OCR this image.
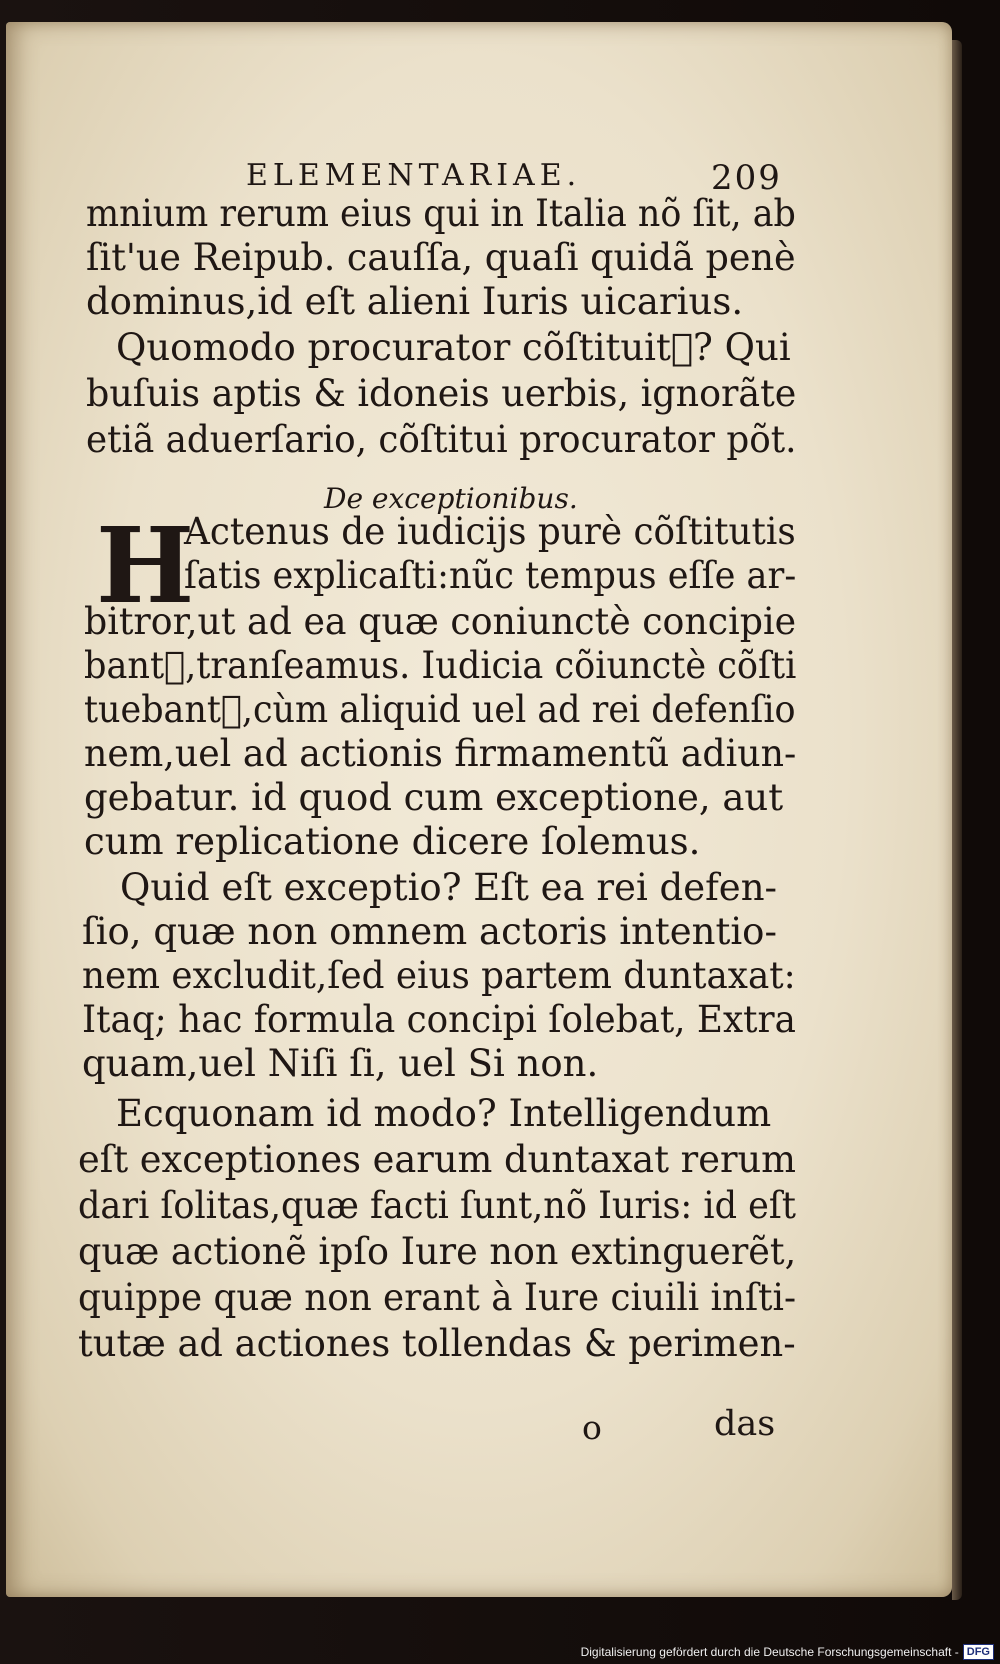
ELEMENTARIAE.	209
mnium rerum eius qui in Italia nõ ſit, ab
ſit'ue Reipub. cauſſa, quaſi quidã penè
dominus,id eſt alieni Iuris uicarius.
Quomodo procurator cõſtituitᷣ? Qui
buſuis aptis & idoneis uerbis, ignorãte
etiã aduerſario, cõſtitui procurator põt.
De exceptionibus.
H
Actenus de iudicijs purè cõſtitutis
ſatis explicaſti:nũc tempus eſſe ar-
bitror,ut ad ea quæ coniunctè concipie
bantᷣ,tranſeamus. Iudicia cõiunctè cõſti
tuebantᷣ,cùm aliquid uel ad rei defenſio
nem,uel ad actionis firmamentũ adiun-
gebatur. id quod cum exceptione, aut
cum replicatione dicere ſolemus.
Quid eſt exceptio? Eſt ea rei defen-
ſio, quæ non omnem actoris intentio-
nem excludit,ſed eius partem duntaxat:
Itaq; hac formula concipi ſolebat, Extra
quam,uel Niſi ſi, uel Si non.
Ecquonam id modo? Intelligendum
eſt exceptiones earum duntaxat rerum
dari ſolitas,quæ facti ſunt,nõ Iuris: id eſt
quæ actionẽ ipſo Iure non extinguerẽt,
quippe quæ non erant à Iure ciuili inſti-
tutæ ad actiones tollendas & perimen-
o	das
Digitalisierung gefördert durch die Deutsche Forschungsgemeinschaft - DFG
